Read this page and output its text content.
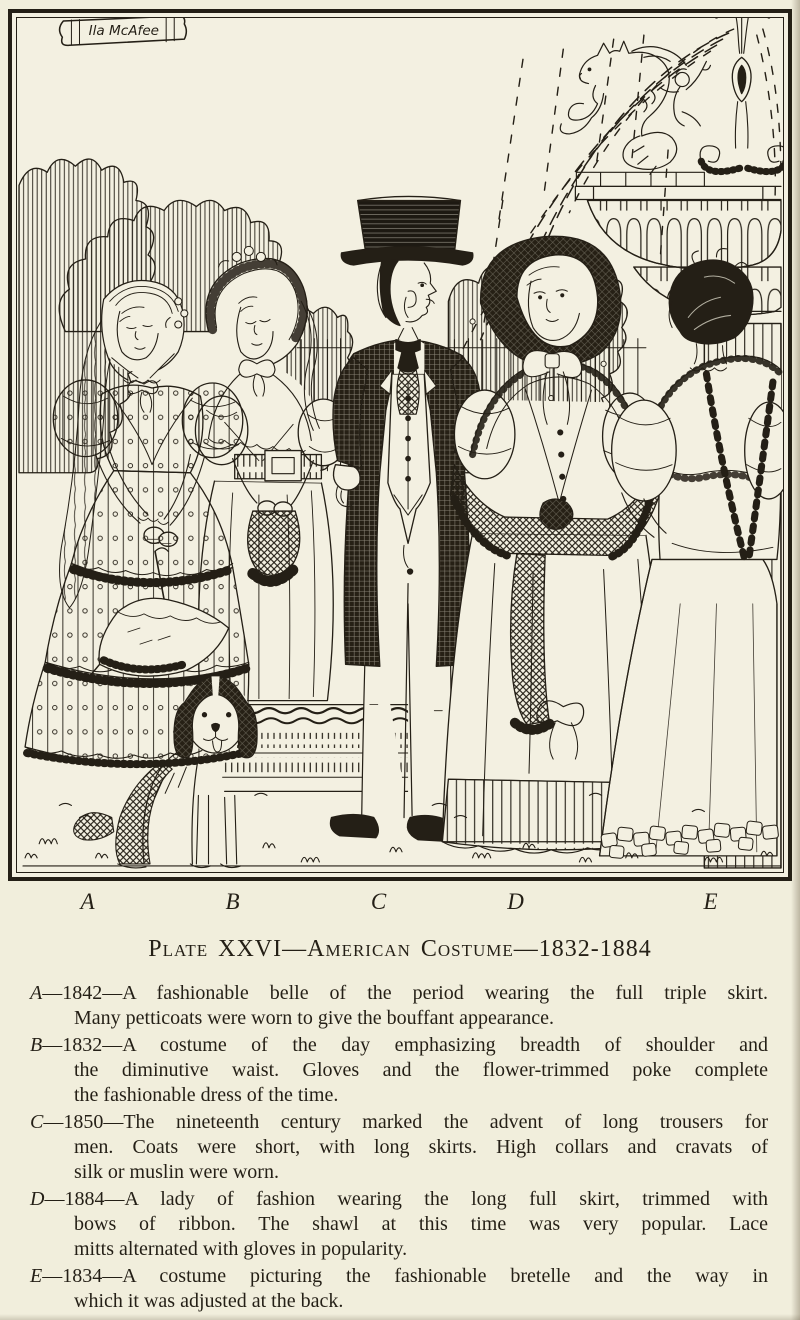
Ila McAfee
A	B	C	D	E
Plate XXVI—American Costume—1832-1884
A—1842—A fashionable belle of the period wearing the full triple skirt.
Many petticoats were worn to give the bouffant appearance.
B—1832—A costume of the day emphasizing breadth of shoulder and
the diminutive waist. Gloves and the flower-trimmed poke complete
the fashionable dress of the time.
C—1850—The nineteenth century marked the advent of long trousers for
men. Coats were short, with long skirts. High collars and cravats of
silk or muslin were worn.
D—1884—A lady of fashion wearing the long full skirt, trimmed with
bows of ribbon. The shawl at this time was very popular. Lace
mitts alternated with gloves in popularity.
E—1834—A costume picturing the fashionable bretelle and the way in
which it was adjusted at the back.
